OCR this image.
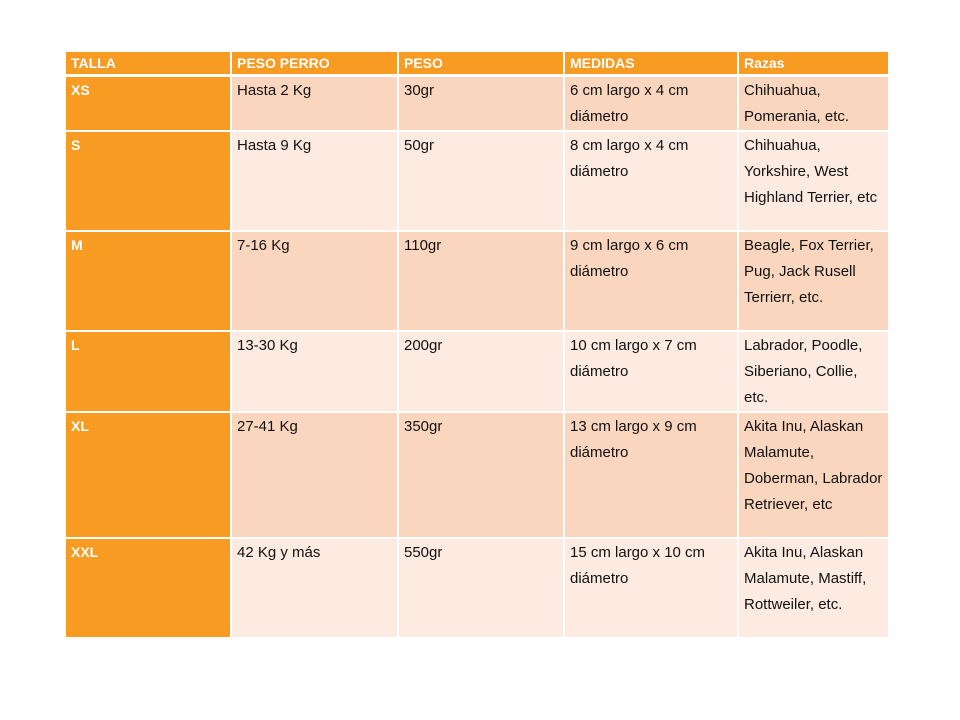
TALLA	PESO PERRO	PESO	MEDIDAS	Razas
XS	Hasta 2 Kg	30gr	6 cm largo x 4 cm diámetro	Chihuahua, Pomerania, etc.
S	Hasta 9 Kg	50gr	8 cm largo x 4 cm diámetro	Chihuahua, Yorkshire, West Highland Terrier, etc
M	7-16 Kg	110gr	9 cm largo x 6 cm diámetro	Beagle, Fox Terrier, Pug, Jack Rusell Terrierr, etc.
L	13-30 Kg	200gr	10 cm largo x 7 cm diámetro	Labrador, Poodle, Siberiano, Collie, etc.
XL	27-41 Kg	350gr	13 cm largo x 9 cm diámetro	Akita Inu, Alaskan Malamute, Doberman, Labrador Retriever, etc
XXL	42 Kg y más	550gr	15 cm largo x 10 cm diámetro	Akita Inu, Alaskan Malamute, Mastiff, Rottweiler, etc.
